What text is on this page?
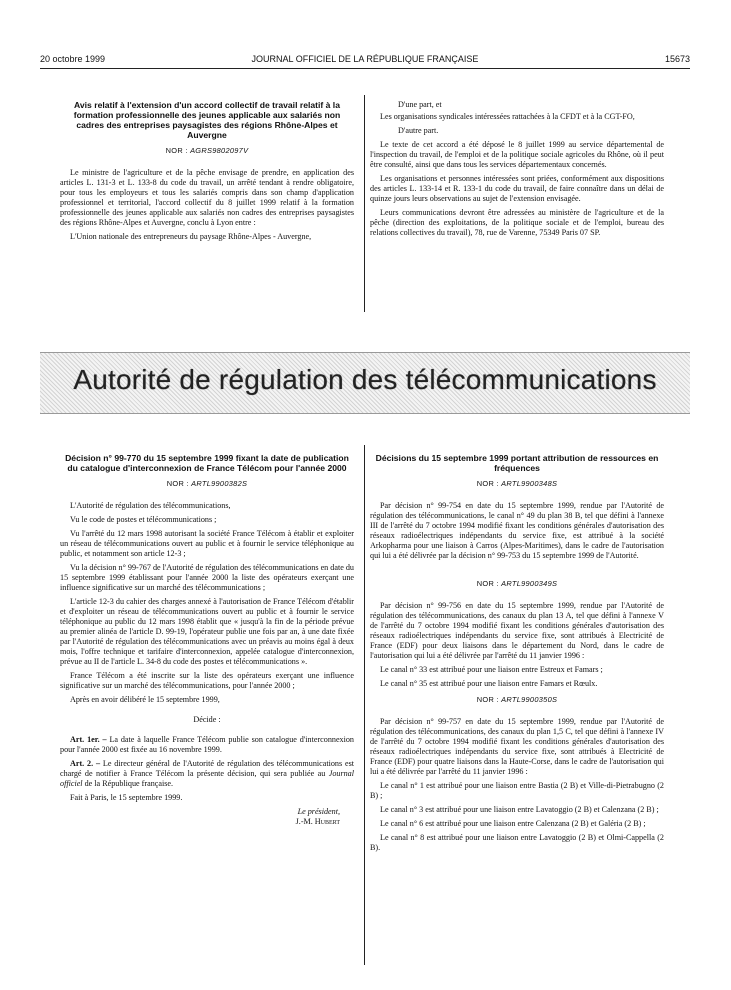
20 octobre 1999	JOURNAL OFFICIEL DE LA RÉPUBLIQUE FRANÇAISE	15673
Avis relatif à l'extension d'un accord collectif de travail relatif à la formation professionnelle des jeunes applicable aux salariés non cadres des entreprises paysagistes des régions Rhône-Alpes et Auvergne
NOR : AGRS9802097V

Le ministre de l'agriculture et de la pêche envisage de prendre, en application des articles L. 131-3 et L. 133-8 du code du travail, un arrêté tendant à rendre obligatoire, pour tous les employeurs et tous les salariés compris dans son champ d'application professionnel et territorial, l'accord collectif du 8 juillet 1999 relatif à la formation professionnelle des jeunes applicable aux salariés non cadres des entreprises paysagistes des régions Rhône-Alpes et Auvergne, conclu à Lyon entre :

L'Union nationale des entrepreneurs du paysage Rhône-Alpes - Auvergne,

D'une part, et

Les organisations syndicales intéressées rattachées à la CFDT et à la CGT-FO,

D'autre part.

Le texte de cet accord a été déposé le 8 juillet 1999 au service départemental de l'inspection du travail, de l'emploi et de la politique sociale agricoles du Rhône, où il peut être consulté, ainsi que dans tous les services départementaux concernés.

Les organisations et personnes intéressées sont priées, conformément aux dispositions des articles L. 133-14 et R. 133-1 du code du travail, de faire connaître dans un délai de quinze jours leurs observations au sujet de l'extension envisagée.

Leurs communications devront être adressées au ministère de l'agriculture et de la pêche (direction des exploitations, de la politique sociale et de l'emploi, bureau des relations collectives du travail), 78, rue de Varenne, 75349 Paris 07 SP.

Autorité de régulation des télécommunications
Décision n° 99-770 du 15 septembre 1999 fixant la date de publication du catalogue d'interconnexion de France Télécom pour l'année 2000
NOR : ARTL9900382S

L'Autorité de régulation des télécommunications,

Vu le code de postes et télécommunications ;

Vu l'arrêté du 12 mars 1998 autorisant la société France Télécom à établir et exploiter un réseau de télécommunications ouvert au public et à fournir le service téléphonique au public, et notamment son article 12-3 ;

Vu la décision n° 99-767 de l'Autorité de régulation des télécommunications en date du 15 septembre 1999 établissant pour l'année 2000 la liste des opérateurs exerçant une influence significative sur un marché des télécommunications ;

L'article 12-3 du cahier des charges annexé à l'autorisation de France Télécom d'établir et d'exploiter un réseau de télécommunications ouvert au public et à fournir le service téléphonique au public du 12 mars 1998 établit que « jusqu'à la fin de la période prévue au premier alinéa de l'article D. 99-19, l'opérateur publie une fois par an, à une date fixée par l'Autorité de régulation des télécommunications avec un préavis au moins égal à deux mois, l'offre technique et tarifaire d'interconnexion, appelée catalogue d'interconnexion, prévue au II de l'article L. 34-8 du code des postes et télécommunications ».

France Télécom a été inscrite sur la liste des opérateurs exerçant une influence significative sur un marché des télécommunications, pour l'année 2000 ;

Après en avoir délibéré le 15 septembre 1999,

Décide :

Art. 1er. – La date à laquelle France Télécom publie son catalogue d'interconnexion pour l'année 2000 est fixée au 16 novembre 1999.

Art. 2. – Le directeur général de l'Autorité de régulation des télécommunications est chargé de notifier à France Télécom la présente décision, qui sera publiée au Journal officiel de la République française.

Fait à Paris, le 15 septembre 1999.

Le président,
J.-M. Hubert
Décisions du 15 septembre 1999 portant attribution de ressources en fréquences
NOR : ARTL9900348S

Par décision n° 99-754 en date du 15 septembre 1999, rendue par l'Autorité de régulation des télécommunications, le canal n° 49 du plan 38 B, tel que défini à l'annexe III de l'arrêté du 7 octobre 1994 modifié fixant les conditions générales d'autorisation des réseaux radioélectriques indépendants du service fixe, est attribué à la société Arkopharma pour une liaison à Carros (Alpes-Maritimes), dans le cadre de l'autorisation qui lui a été délivrée par la décision n° 99-753 du 15 septembre 1999 de l'Autorité.

NOR : ARTL9900349S

Par décision n° 99-756 en date du 15 septembre 1999, rendue par l'Autorité de régulation des télécommunications, des canaux du plan 13 A, tel que défini à l'annexe V de l'arrêté du 7 octobre 1994 modifié fixant les conditions générales d'autorisation des réseaux radioélectriques indépendants du service fixe, sont attribués à Electricité de France (EDF) pour deux liaisons dans le département du Nord, dans le cadre de l'autorisation qui lui a été délivrée par l'arrêté du 11 janvier 1996 :

Le canal n° 33 est attribué pour une liaison entre Estreux et Famars ;

Le canal n° 35 est attribué pour une liaison entre Famars et Rœulx.

NOR : ARTL9900350S

Par décision n° 99-757 en date du 15 septembre 1999, rendue par l'Autorité de régulation des télécommunications, des canaux du plan 1,5 C, tel que défini à l'annexe IV de l'arrêté du 7 octobre 1994 modifié fixant les conditions générales d'autorisation des réseaux radioélectriques indépendants du service fixe, sont attribués à Electricité de France (EDF) pour quatre liaisons dans la Haute-Corse, dans le cadre de l'autorisation qui lui a été délivrée par l'arrêté du 11 janvier 1996 :

Le canal n° 1 est attribué pour une liaison entre Bastia (2 B) et Ville-di-Pietrabugno (2 B) ;

Le canal n° 3 est attribué pour une liaison entre Lavatoggio (2 B) et Calenzana (2 B) ;

Le canal n° 6 est attribué pour une liaison entre Calenzana (2 B) et Galéria (2 B) ;

Le canal n° 8 est attribué pour une liaison entre Lavatoggio (2 B) et Olmi-Cappella (2 B).
